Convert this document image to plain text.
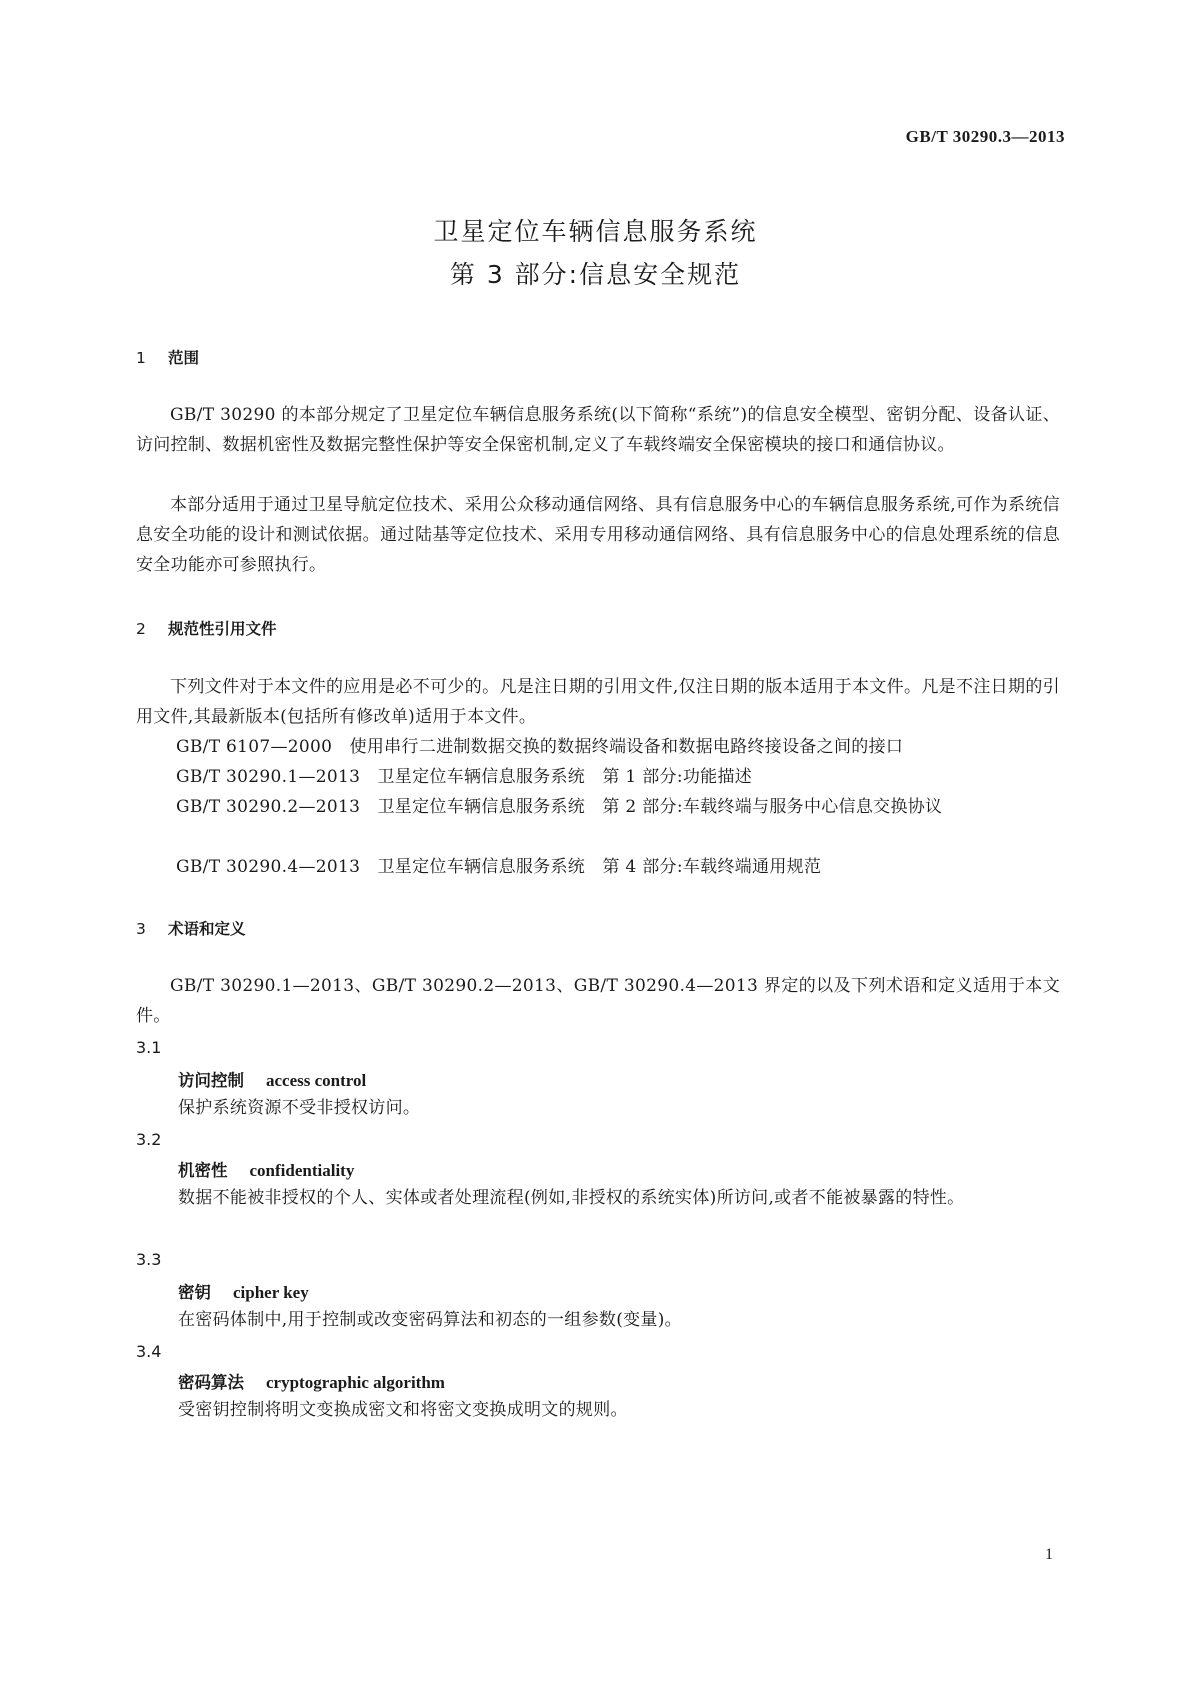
GB/T 30290.3—2013
卫星定位车辆信息服务系统
第 3 部分:信息安全规范
1 范围
GB/T 30290 的本部分规定了卫星定位车辆信息服务系统(以下简称“系统”)的信息安全模型、密钥分配、设备认证、访问控制、数据机密性及数据完整性保护等安全保密机制,定义了车载终端安全保密模块的接口和通信协议。
本部分适用于通过卫星导航定位技术、采用公众移动通信网络、具有信息服务中心的车辆信息服务系统,可作为系统信息安全功能的设计和测试依据。通过陆基等定位技术、采用专用移动通信网络、具有信息服务中心的信息处理系统的信息安全功能亦可参照执行。
2 规范性引用文件
下列文件对于本文件的应用是必不可少的。凡是注日期的引用文件,仅注日期的版本适用于本文件。凡是不注日期的引用文件,其最新版本(包括所有修改单)适用于本文件。
GB/T 6107—2000　使用串行二进制数据交换的数据终端设备和数据电路终接设备之间的接口
GB/T 30290.1—2013　卫星定位车辆信息服务系统　第 1 部分:功能描述
GB/T 30290.2—2013　卫星定位车辆信息服务系统　第 2 部分:车载终端与服务中心信息交换协议
GB/T 30290.4—2013　卫星定位车辆信息服务系统　第 4 部分:车载终端通用规范
3 术语和定义
GB/T 30290.1—2013、GB/T 30290.2—2013、GB/T 30290.4—2013 界定的以及下列术语和定义适用于本文件。
3.1
访问控制 access control
保护系统资源不受非授权访问。
3.2
机密性 confidentiality
数据不能被非授权的个人、实体或者处理流程(例如,非授权的系统实体)所访问,或者不能被暴露的特性。
3.3
密钥 cipher key
在密码体制中,用于控制或改变密码算法和初态的一组参数(变量)。
3.4
密码算法 cryptographic algorithm
受密钥控制将明文变换成密文和将密文变换成明文的规则。
1
